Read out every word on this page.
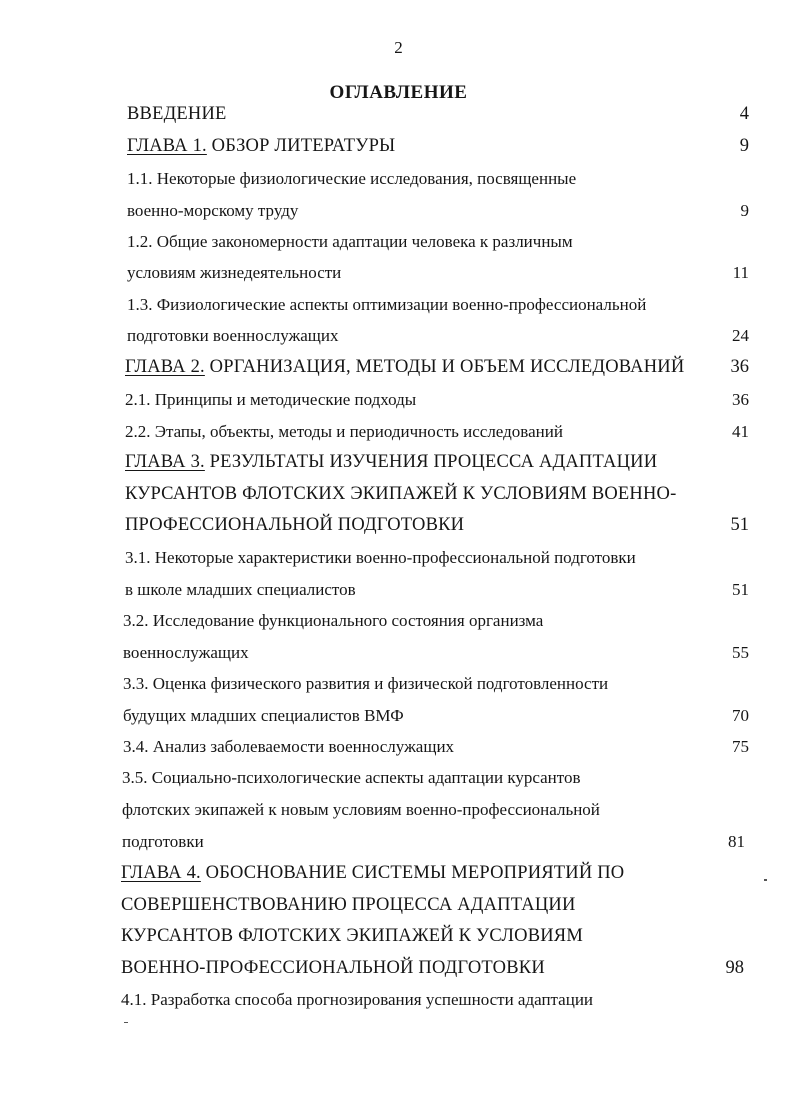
2
ОГЛАВЛЕНИЕ
ВВЕДЕНИЕ	4
ГЛАВА 1. ОБЗОР ЛИТЕРАТУРЫ	9
1.1. Некоторые физиологические исследования, посвященные
военно-морскому труду	9
1.2. Общие закономерности адаптации человека к различным
условиям жизнедеятельности	11
1.3. Физиологические аспекты оптимизации военно-профессиональной
подготовки военнослужащих	24
ГЛАВА 2. ОРГАНИЗАЦИЯ, МЕТОДЫ И ОБЪЕМ ИССЛЕДОВАНИЙ 36
2.1. Принципы и методические подходы	36
2.2. Этапы, объекты, методы и периодичность исследований	41
ГЛАВА 3. РЕЗУЛЬТАТЫ ИЗУЧЕНИЯ ПРОЦЕССА АДАПТАЦИИ
КУРСАНТОВ ФЛОТСКИХ ЭКИПАЖЕЙ К УСЛОВИЯМ ВОЕННО-
ПРОФЕССИОНАЛЬНОЙ ПОДГОТОВКИ	51
3.1. Некоторые характеристики военно-профессиональной подготовки
в школе младших специалистов	51
3.2. Исследование функционального состояния организма
военнослужащих	55
3.3. Оценка физического развития и физической подготовленности
будущих младших специалистов ВМФ	70
3.4. Анализ заболеваемости военнослужащих	75
3.5. Социально-психологические аспекты адаптации курсантов
флотских экипажей к новым условиям военно-профессиональной
подготовки	81
ГЛАВА 4. ОБОСНОВАНИЕ СИСТЕМЫ МЕРОПРИЯТИЙ ПО
СОВЕРШЕНСТВОВАНИЮ ПРОЦЕССА АДАПТАЦИИ
КУРСАНТОВ ФЛОТСКИХ ЭКИПАЖЕЙ К УСЛОВИЯМ
ВОЕННО-ПРОФЕССИОНАЛЬНОЙ ПОДГОТОВКИ	98
4.1. Разработка способа прогнозирования успешности адаптации
